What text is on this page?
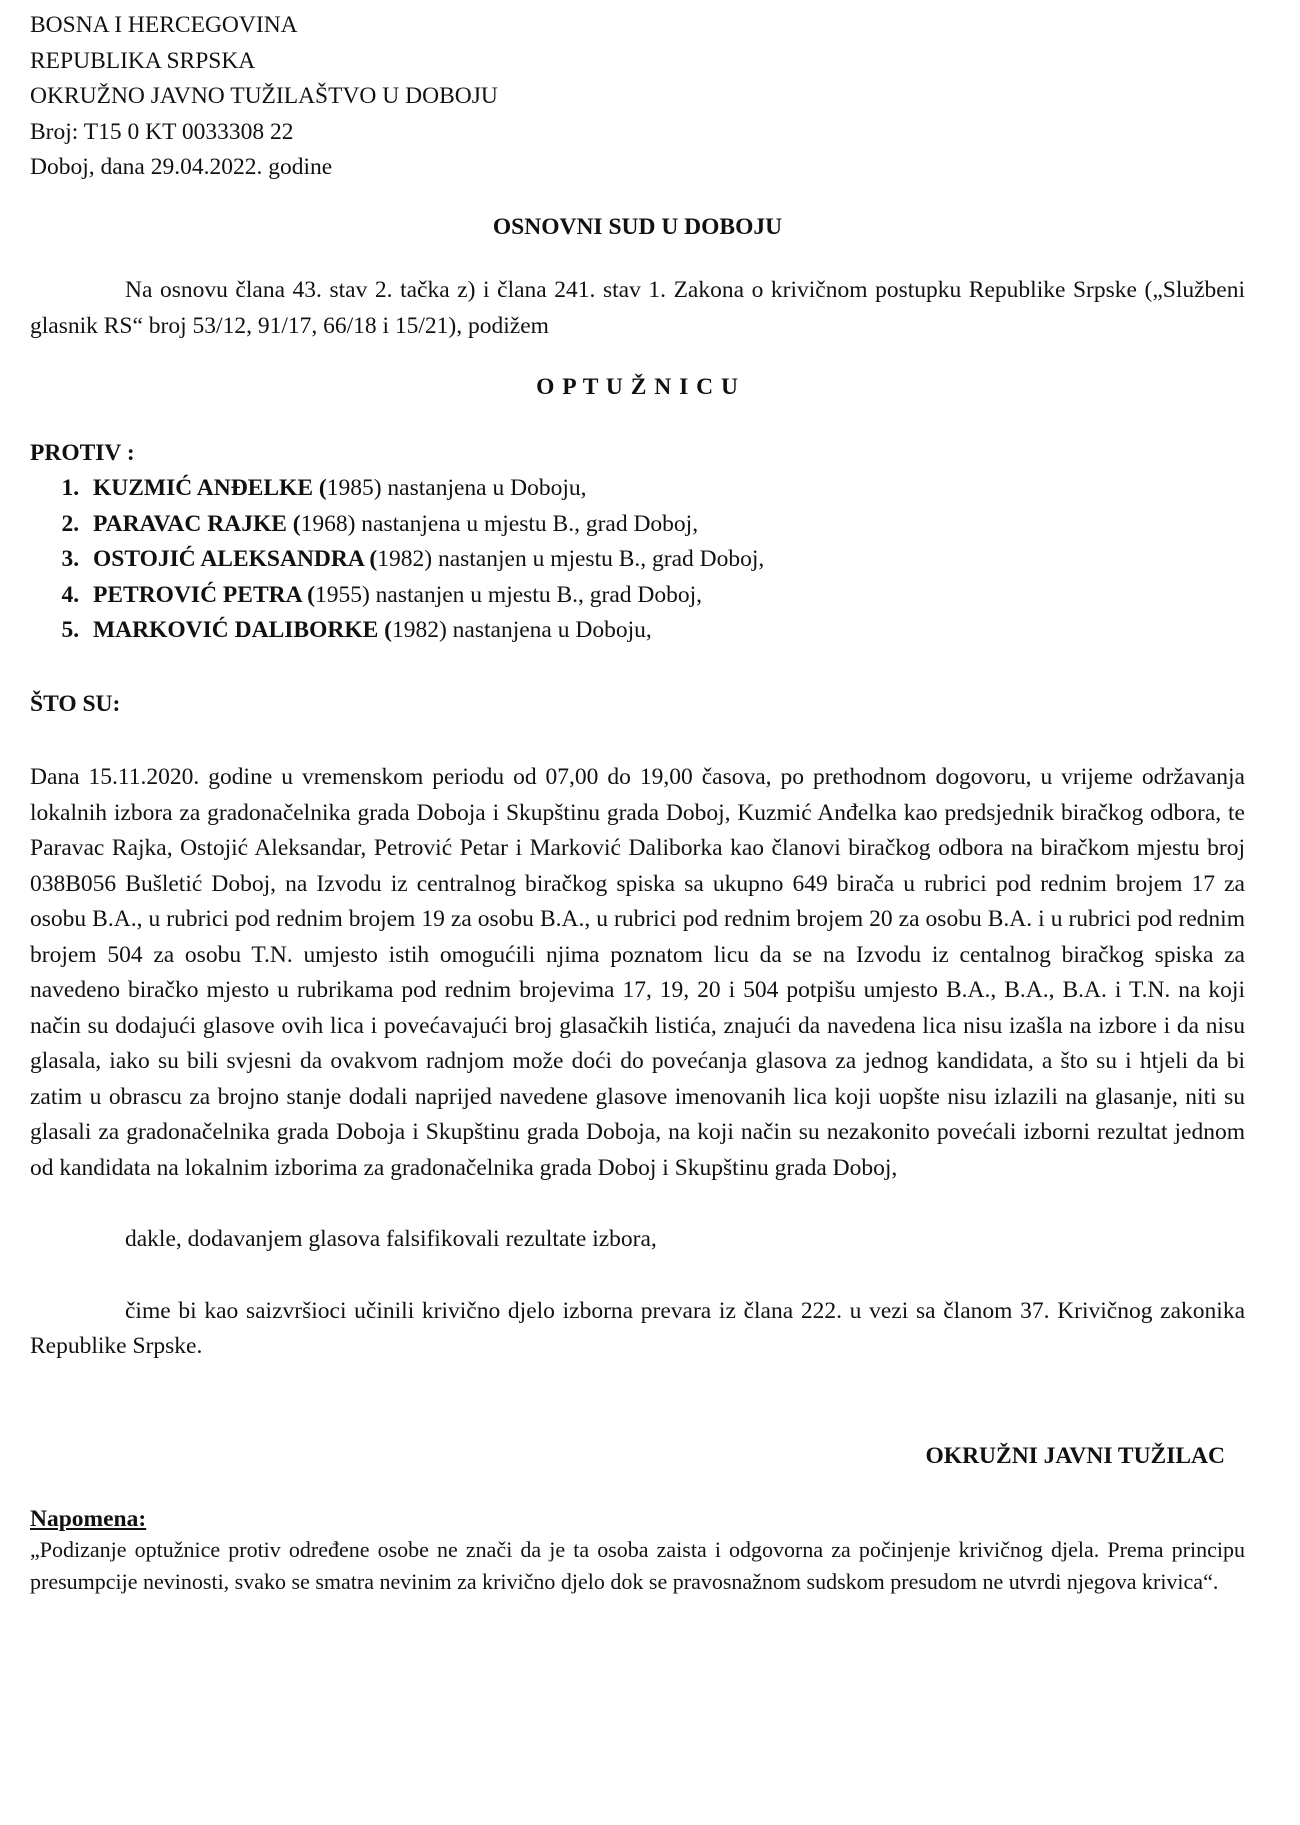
BOSNA I HERCEGOVINA

REPUBLIKA SRPSKA

OKRUŽNO JAVNO TUŽILAŠTVO U DOBOJU

Broj: T15 0 KT 0033308 22

Doboj, dana 29.04.2022. godine

OSNOVNI SUD U DOBOJU

Na osnovu člana 43. stav 2. tačka z) i člana 241. stav 1. Zakona o krivičnom postupku Republike Srpske („Službeni glasnik RS“ broj 53/12, 91/17, 66/18 i 15/21), podižem

O P T U Ž N I C U

PROTIV :

1. KUZMIĆ ANĐELKE (1985) nastanjena u Doboju,
2. PARAVAC RAJKE (1968) nastanjena u mjestu B., grad Doboj,
3. OSTOJIĆ ALEKSANDRA (1982) nastanjen u mjestu B., grad Doboj,
4. PETROVIĆ PETRA (1955) nastanjen u mjestu B., grad Doboj,
5. MARKOVIĆ DALIBORKE (1982) nastanjena u Doboju,

ŠTO SU:

Dana 15.11.2020. godine u vremenskom periodu od 07,00 do 19,00 časova, po prethodnom dogovoru, u vrijeme održavanja lokalnih izbora za gradonačelnika grada Doboja i Skupštinu grada Doboj, Kuzmić Anđelka kao predsjednik biračkog odbora, te Paravac Rajka, Ostojić Aleksandar, Petrović Petar i Marković Daliborka kao članovi biračkog odbora na biračkom mjestu broj 038B056 Bušletić Doboj, na Izvodu iz centralnog biračkog spiska sa ukupno 649 birača u rubrici pod rednim brojem 17 za osobu B.A., u rubrici pod rednim brojem 19 za osobu B.A., u rubrici pod rednim brojem 20 za osobu B.A. i u rubrici pod rednim brojem 504 za osobu T.N. umjesto istih omogućili njima poznatom licu da se na Izvodu iz centalnog biračkog spiska za navedeno biračko mjesto u rubrikama pod rednim brojevima 17, 19, 20 i 504 potpišu umjesto B.A., B.A., B.A. i T.N. na koji način su dodajući glasove ovih lica i povećavajući broj glasačkih listića, znajući da navedena lica nisu izašla na izbore i da nisu glasala, iako su bili svjesni da ovakvom radnjom može doći do povećanja glasova za jednog kandidata, a što su i htjeli da bi zatim u obrascu za brojno stanje dodali naprijed navedene glasove imenovanih lica koji uopšte nisu izlazili na glasanje, niti su glasali za gradonačelnika grada Doboja i Skupštinu grada Doboja, na koji način su nezakonito povećali izborni rezultat jednom od kandidata na lokalnim izborima za gradonačelnika grada Doboj i Skupštinu grada Doboj,

dakle, dodavanjem glasova falsifikovali rezultate izbora,

čime bi kao saizvršioci učinili krivično djelo izborna prevara iz člana 222. u vezi sa članom 37. Krivičnog zakonika Republike Srpske.

OKRUŽNI JAVNI TUŽILAC

Napomena:

„Podizanje optužnice protiv određene osobe ne znači da je ta osoba zaista i odgovorna za počinjenje krivičnog djela. Prema principu presumpcije nevinosti, svako se smatra nevinim za krivično djelo dok se pravosnažnom sudskom presudom ne utvrdi njegova krivica“.
